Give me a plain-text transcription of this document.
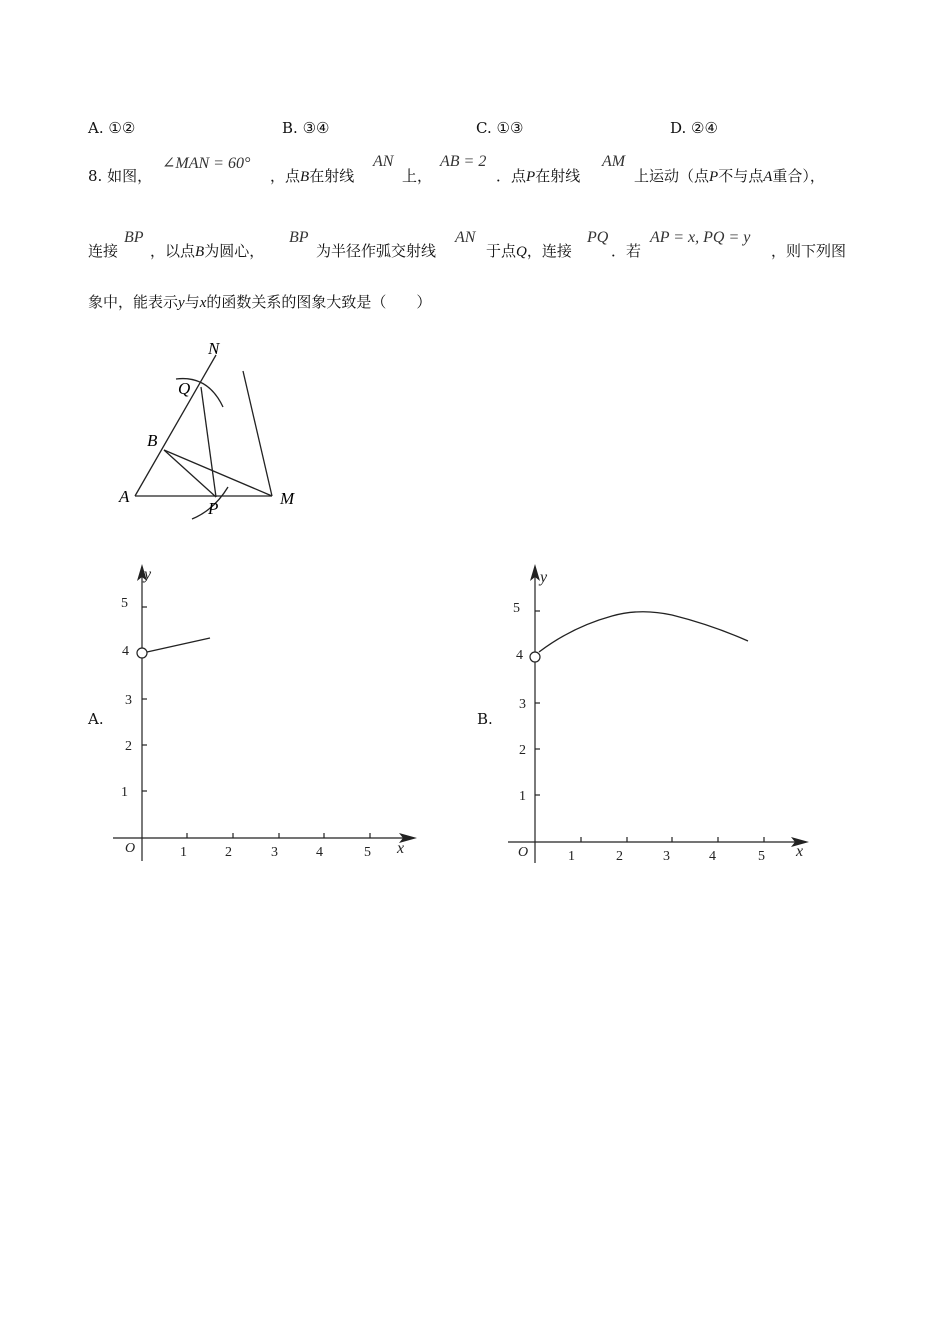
A. ①②	B. ③④	C. ①③	D. ②④
8. 如图，
∠MAN = 60°
，点B在射线
AN
上，
AB = 2
．点P在射线
AM
上运动（点P不与点A重合），
连接
BP
，以点B为圆心，
BP
为半径作弧交射线
AN
于点Q，连接
PQ
．若
AP = x, PQ = y
，则下列图
象中，能表示y与x的函数关系的图象大致是（　　）
N
Q
B
A
P
M
A.
1	2	3	4	5
1
2
3
4
5
O	x
y
B.
1	2	3	4	5
1
2
3
4
5
O	x
y
